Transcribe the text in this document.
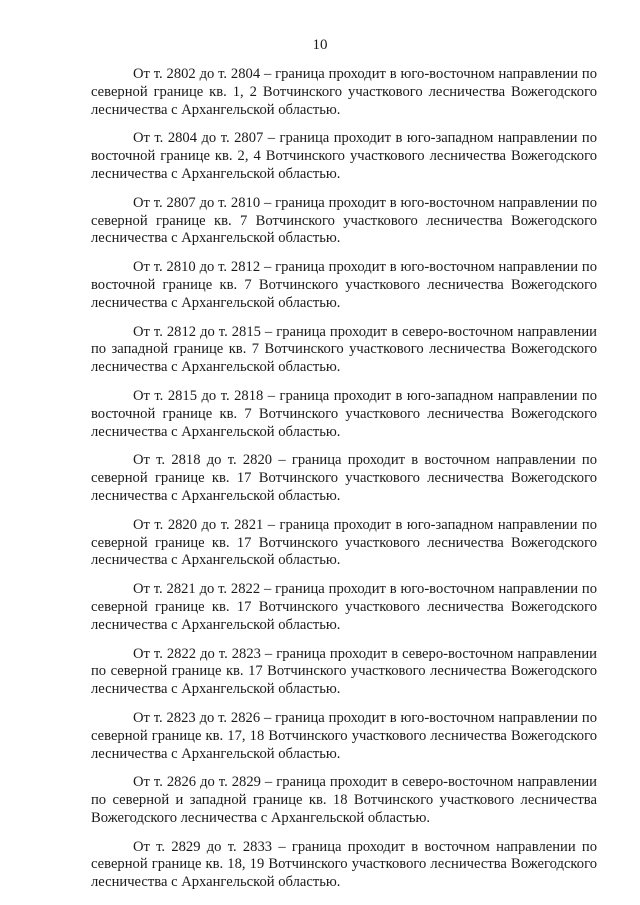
10

От т. 2802 до т. 2804 – граница проходит в юго-восточном направлении по северной границе кв. 1, 2 Вотчинского участкового лесничества Вожегодского лесничества с Архангельской областью.

От т. 2804 до т. 2807 – граница проходит в юго-западном направлении по восточной границе кв. 2, 4 Вотчинского участкового лесничества Вожегодского лесничества с Архангельской областью.

От т. 2807 до т. 2810 – граница проходит в юго-восточном направлении по северной границе кв. 7 Вотчинского участкового лесничества Вожегодского лесничества с Архангельской областью.

От т. 2810 до т. 2812 – граница проходит в юго-восточном направлении по восточной границе кв. 7 Вотчинского участкового лесничества Вожегодского лесничества с Архангельской областью.

От т. 2812 до т. 2815 – граница проходит в северо-восточном направлении по западной границе кв. 7 Вотчинского участкового лесничества Вожегодского лесничества с Архангельской областью.

От т. 2815 до т. 2818 – граница проходит в юго-западном направлении по восточной границе кв. 7 Вотчинского участкового лесничества Вожегодского лесничества с Архангельской областью.

От т. 2818 до т. 2820 – граница проходит в восточном направлении по северной границе кв. 17 Вотчинского участкового лесничества Вожегодского лесничества с Архангельской областью.

От т. 2820 до т. 2821 – граница проходит в юго-западном направлении по северной границе кв. 17 Вотчинского участкового лесничества Вожегодского лесничества с Архангельской областью.

От т. 2821 до т. 2822 – граница проходит в юго-восточном направлении по северной границе кв. 17 Вотчинского участкового лесничества Вожегодского лесничества с Архангельской областью.

От т. 2822 до т. 2823 – граница проходит в северо-восточном направлении по северной границе кв. 17 Вотчинского участкового лесничества Вожегодского лесничества с Архангельской областью.

От т. 2823 до т. 2826 – граница проходит в юго-восточном направлении по северной границе кв. 17, 18 Вотчинского участкового лесничества Вожегодского лесничества с Архангельской областью.

От т. 2826 до т. 2829 – граница проходит в северо-восточном направлении по северной и западной границе кв. 18 Вотчинского участкового лесничества Вожегодского лесничества с Архангельской областью.

От т. 2829 до т. 2833 – граница проходит в восточном направлении по северной границе кв. 18, 19 Вотчинского участкового лесничества Вожегодского лесничества с Архангельской областью.
